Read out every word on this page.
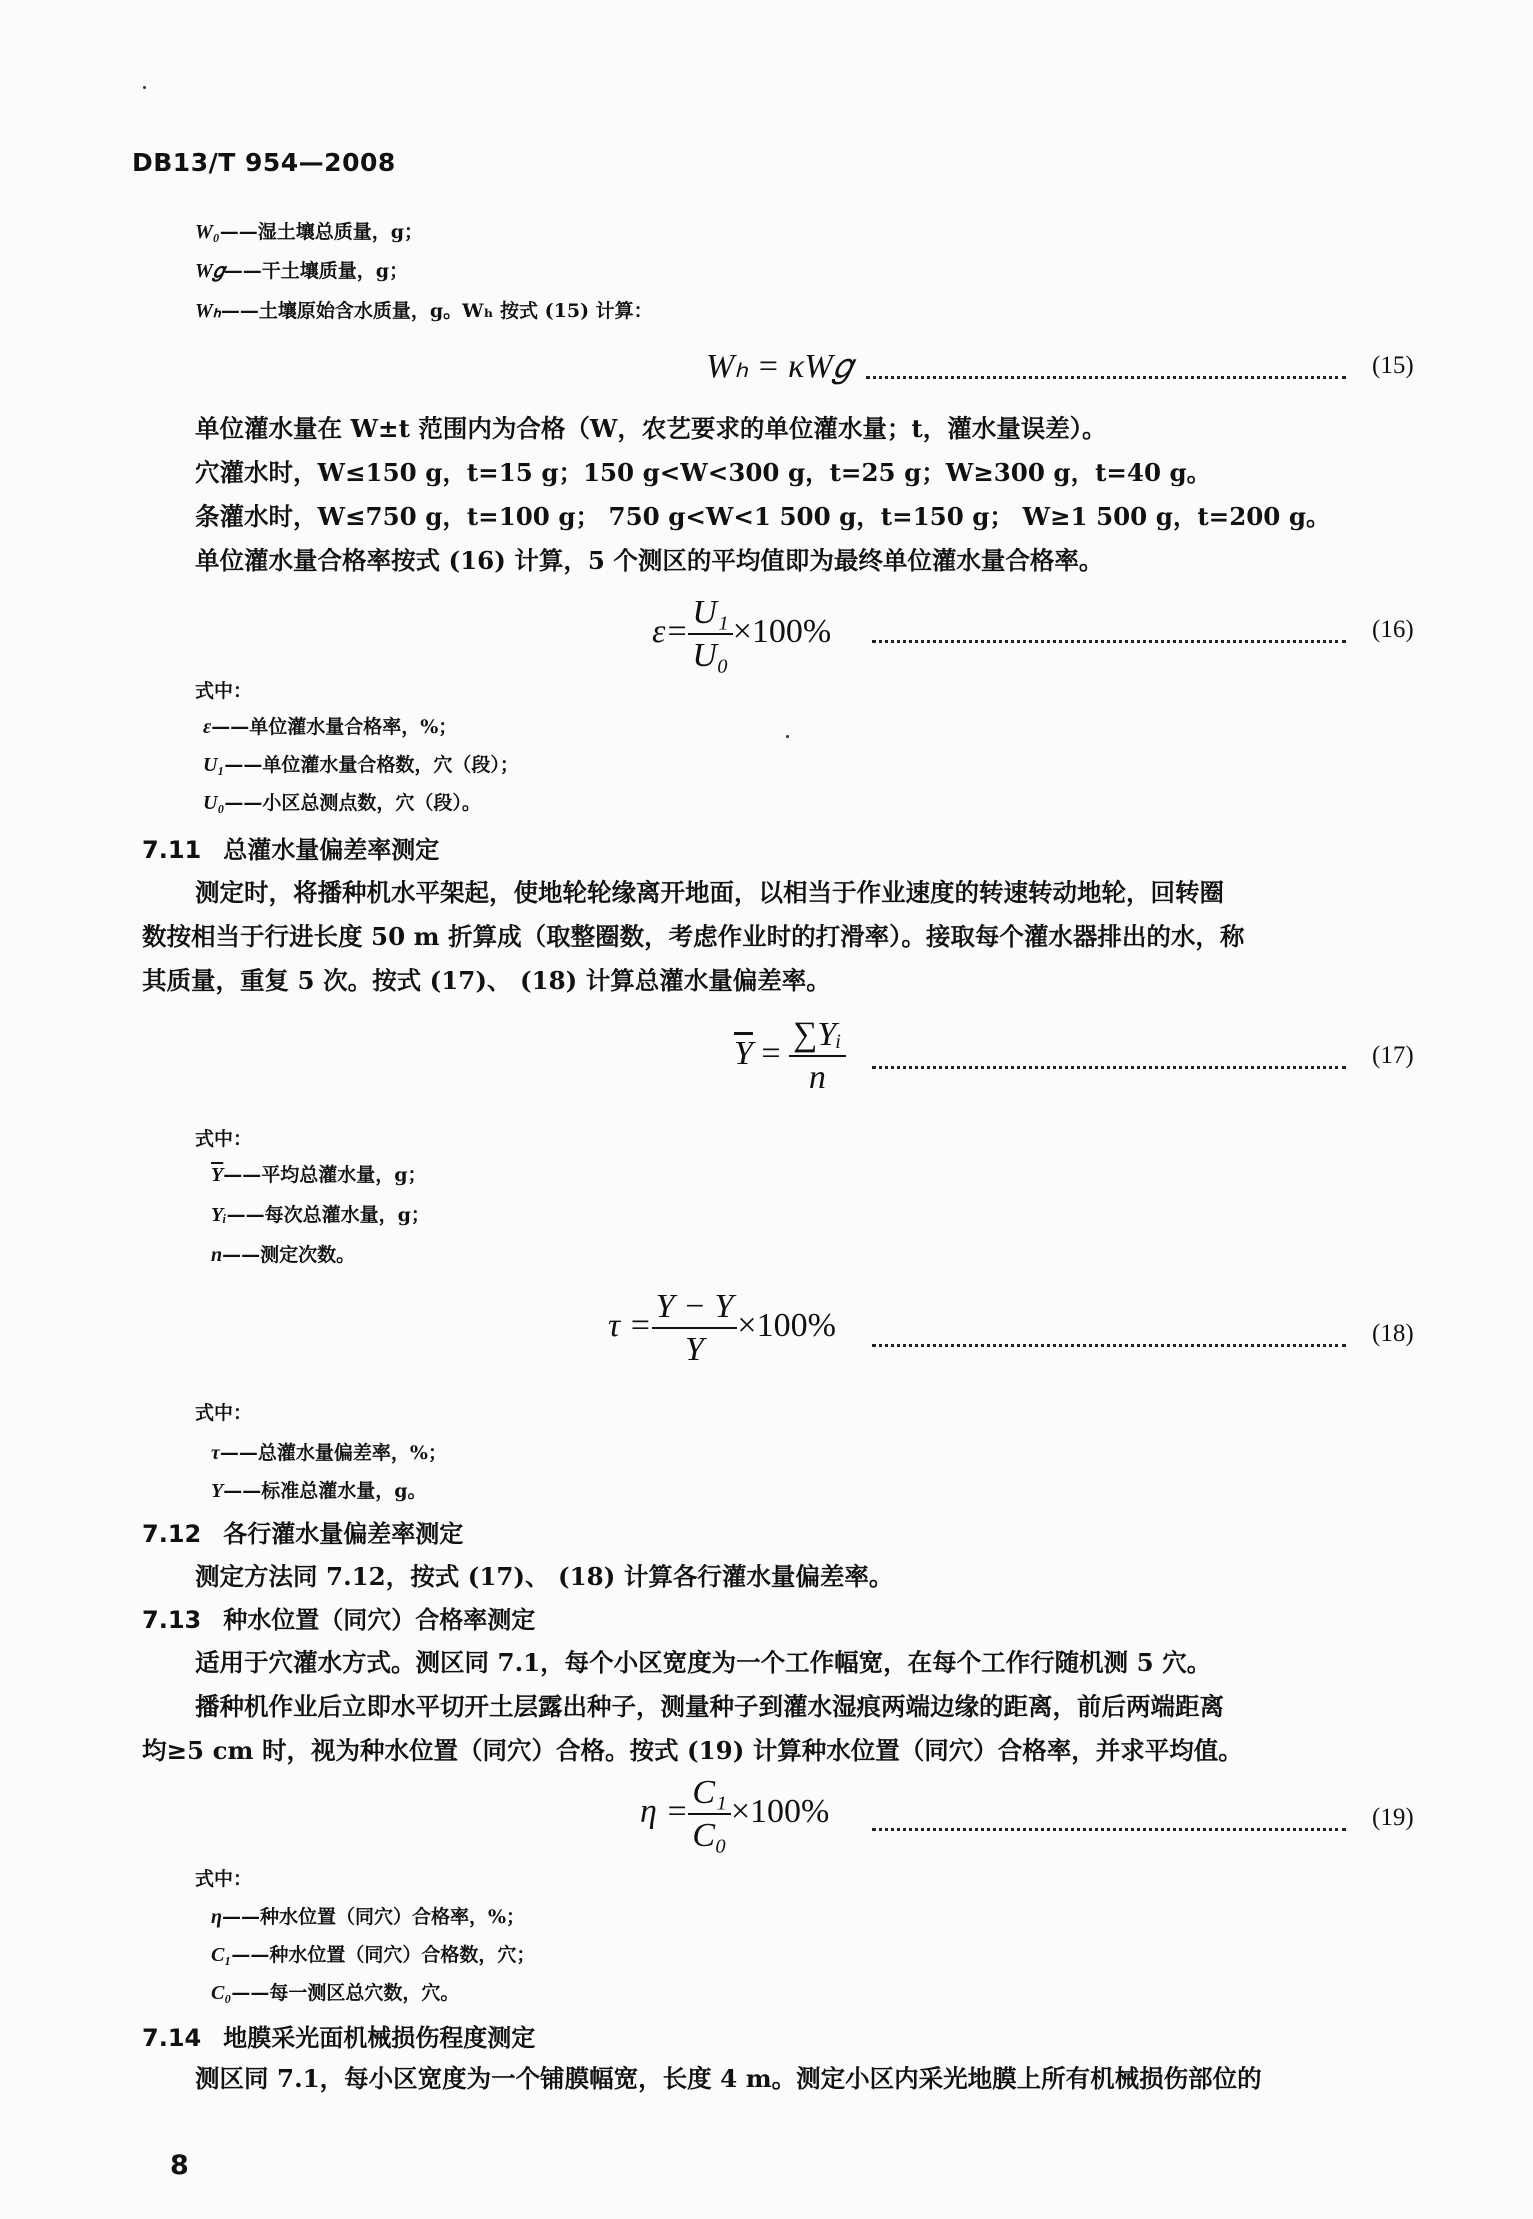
DB13/T 954—2008
W₀——湿土壤总质量，g；
W𝑔——干土壤质量，g；
Wₕ——土壤原始含水质量，g。Wₕ 按式 (15) 计算：
Wₕ = κW𝑔	(15)
单位灌水量在 W±t 范围内为合格（W，农艺要求的单位灌水量；t，灌水量误差）。
穴灌水时，W≤150 g，t=15 g；150 g<W<300 g，t=25 g；W≥300 g，t=40 g。
条灌水时，W≤750 g，t=100 g； 750 g<W<1 500 g，t=150 g； W≥1 500 g，t=200 g。
单位灌水量合格率按式 (16) 计算，5 个测区的平均值即为最终单位灌水量合格率。
$\varepsilon= \frac{\text{U₁}}{\text{U₀}} \times 100\%$	(16)
式中：
ε——单位灌水量合格率，%；
U₁——单位灌水量合格数，穴（段）；
U₀——小区总测点数，穴（段）。
7.11 总灌水量偏差率测定
测定时，将播种机水平架起，使地轮轮缘离开地面，以相当于作业速度的转速转动地轮，回转圈
数按相当于行进长度 50 m 折算成（取整圈数，考虑作业时的打滑率）。接取每个灌水器排出的水，称
其质量，重复 5 次。按式 (17)、 (18) 计算总灌水量偏差率。
$\overline{Y} = \frac{\text{∑Yᵢ}}{n}$	(17)
式中：
$\overline{Y}——$平均总灌水量，g；
Yᵢ——每次总灌水量，g；
n——测定次数。
$\tau = \frac{Y - Y}{Y} \times 100\%$	(18)
式中：
τ——总灌水量偏差率，%；
Y——标准总灌水量，g。
7.12 各行灌水量偏差率测定
测定方法同 7.12，按式 (17)、 (18) 计算各行灌水量偏差率。
7.13 种水位置（同穴）合格率测定
适用于穴灌水方式。测区同 7.1，每个小区宽度为一个工作幅宽，在每个工作行随机测 5 穴。
播种机作业后立即水平切开土层露出种子，测量种子到灌水湿痕两端边缘的距离，前后两端距离
均≥5 cm 时，视为种水位置（同穴）合格。按式 (19) 计算种水位置（同穴）合格率，并求平均值。
$\eta = \frac{\text{C₁}}{\text{C₀}} \times 100\%$	(19)
式中：
η——种水位置（同穴）合格率，%；
C₁——种水位置（同穴）合格数，穴；
C₀——每一测区总穴数，穴。
7.14 地膜采光面机械损伤程度测定
测区同 7.1，每小区宽度为一个铺膜幅宽，长度 4 m。测定小区内采光地膜上所有机械损伤部位的
8
